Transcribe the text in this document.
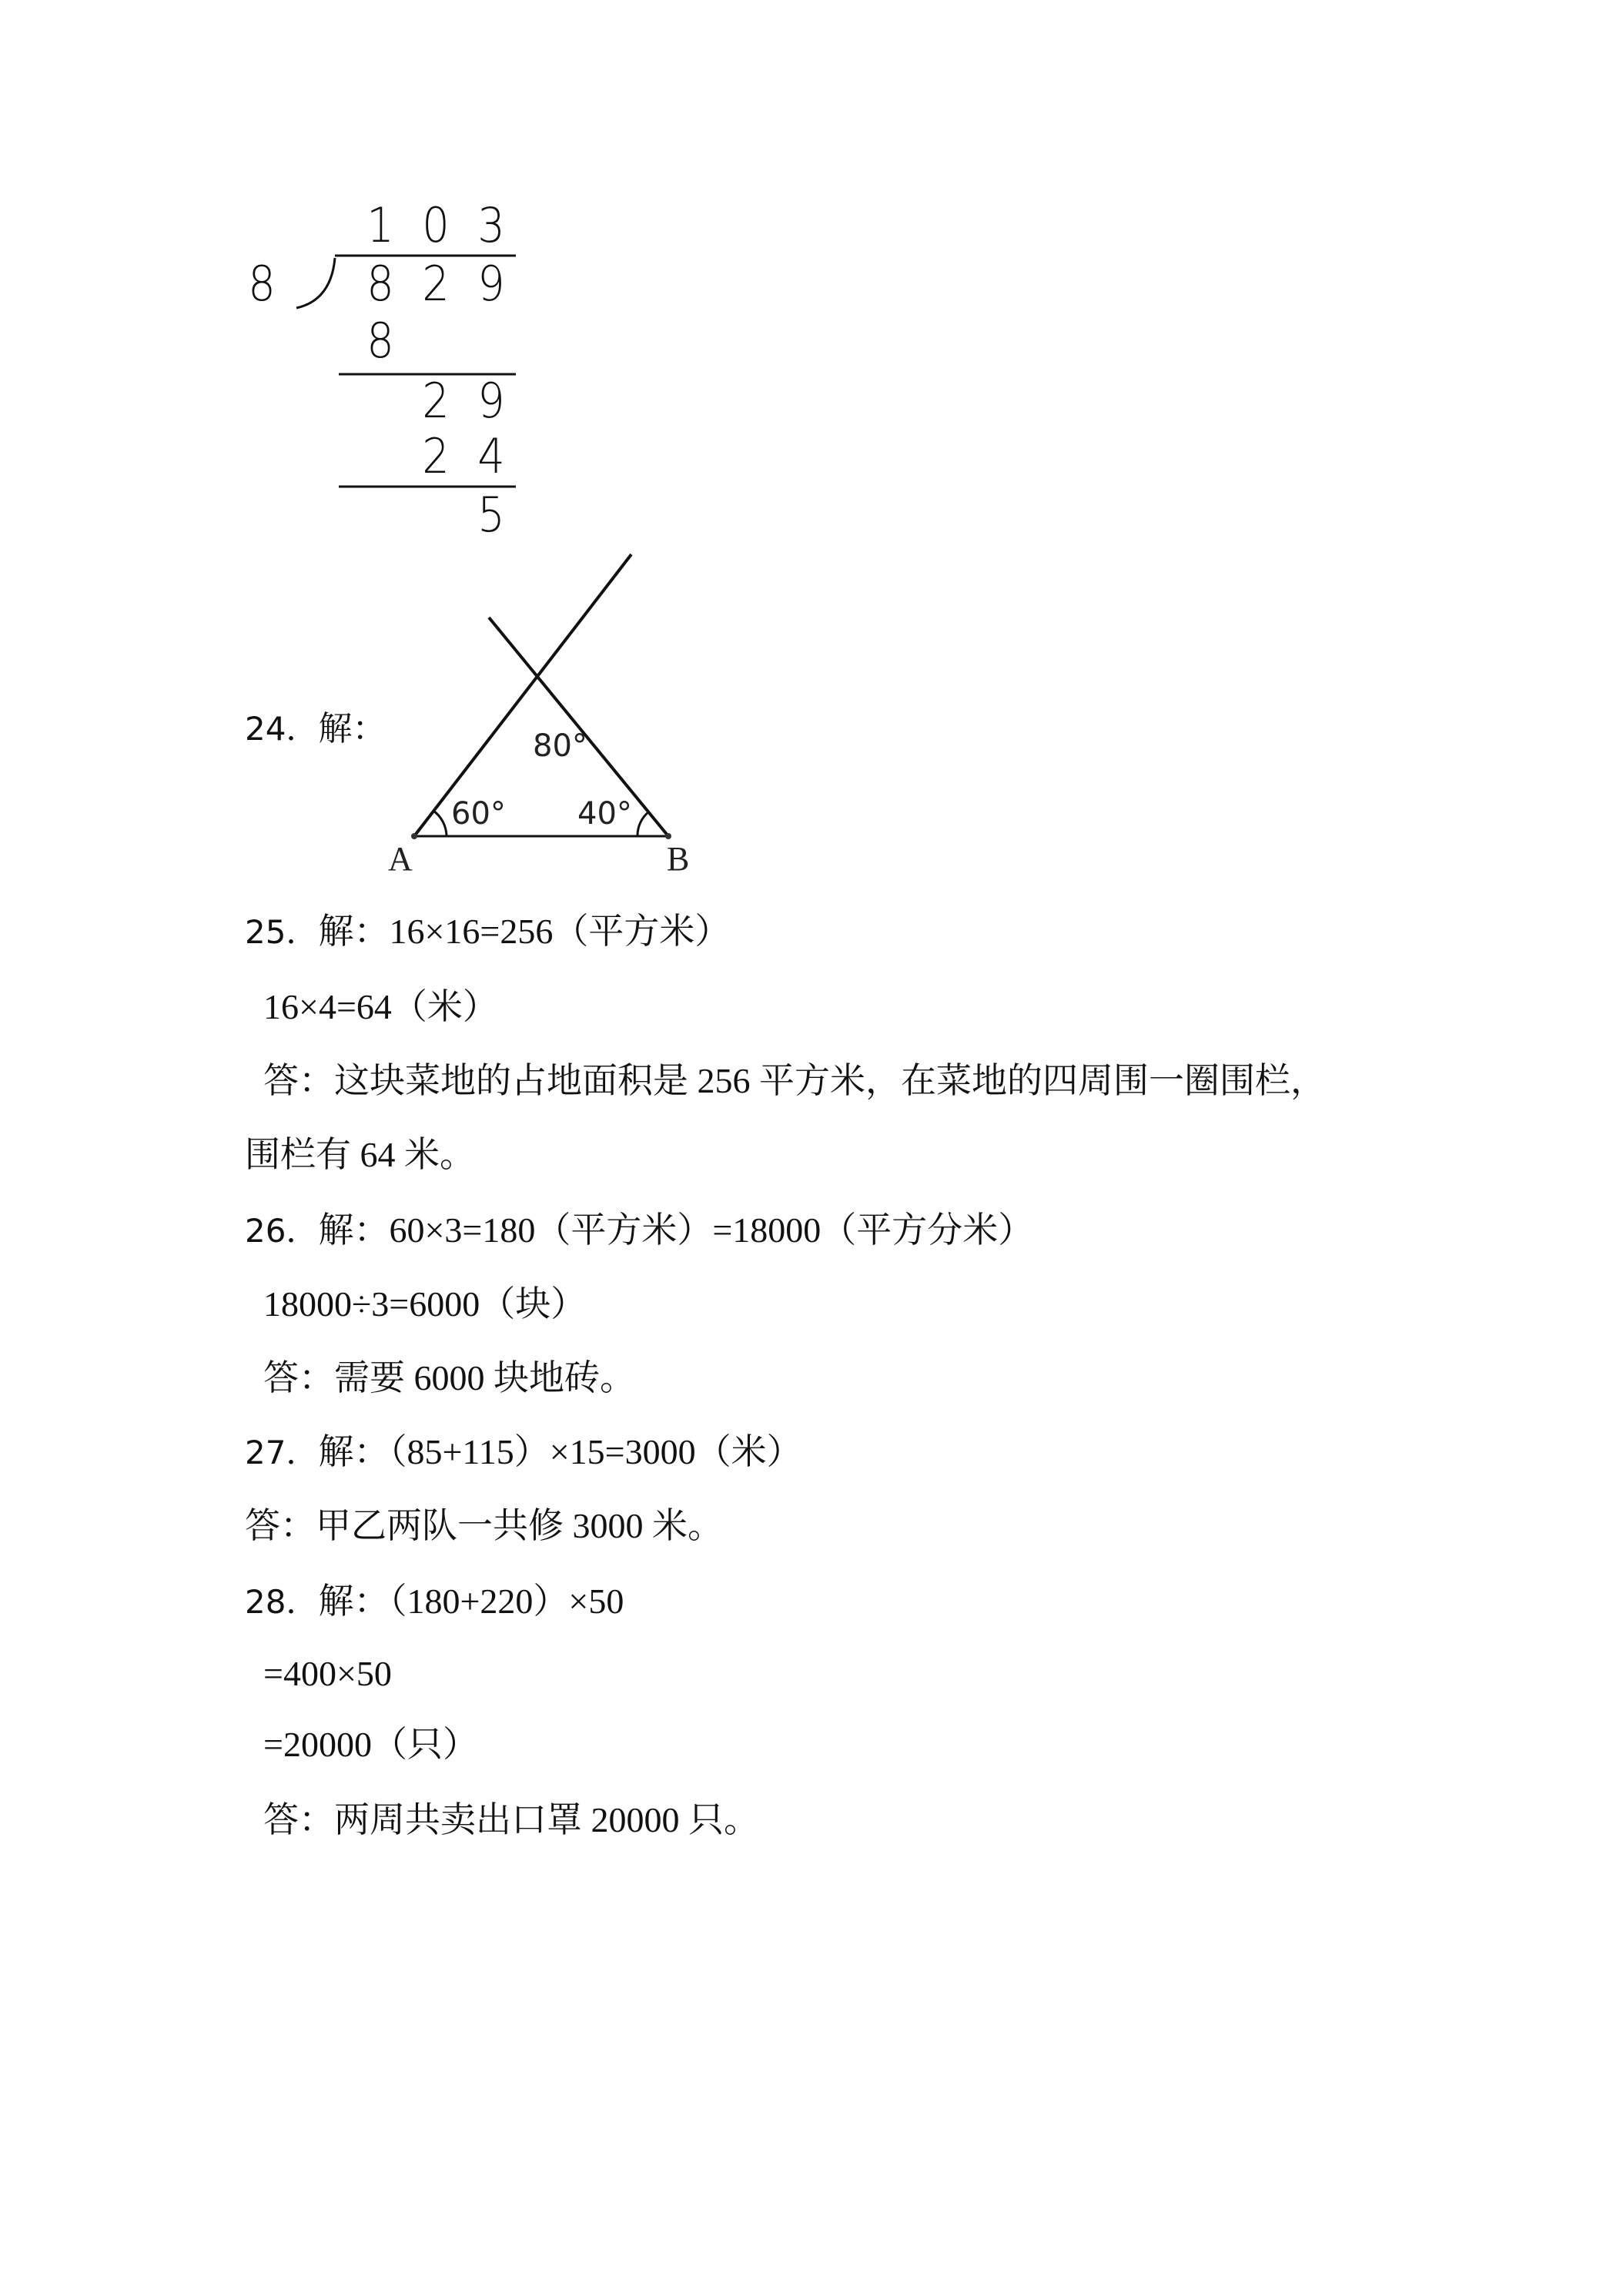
8
1 0 3
8 2 9
8
2 9
2 4
5
24．解：	80°
60° 40°
A	B
25．解：16×16=256（平方米）
16×4=64（米）
答：这块菜地的占地面积是 256 平方米，在菜地的四周围一圈围栏，
围栏有 64 米。
26．解：60×3=180（平方米）=18000（平方分米）
18000÷3=6000（块）
答：需要 6000 块地砖。
27．解：（85+115）×15=3000（米）
答：甲乙两队一共修 3000 米。
28．解：（180+220）×50
=400×50
=20000（只）
答：两周共卖出口罩 20000 只。
